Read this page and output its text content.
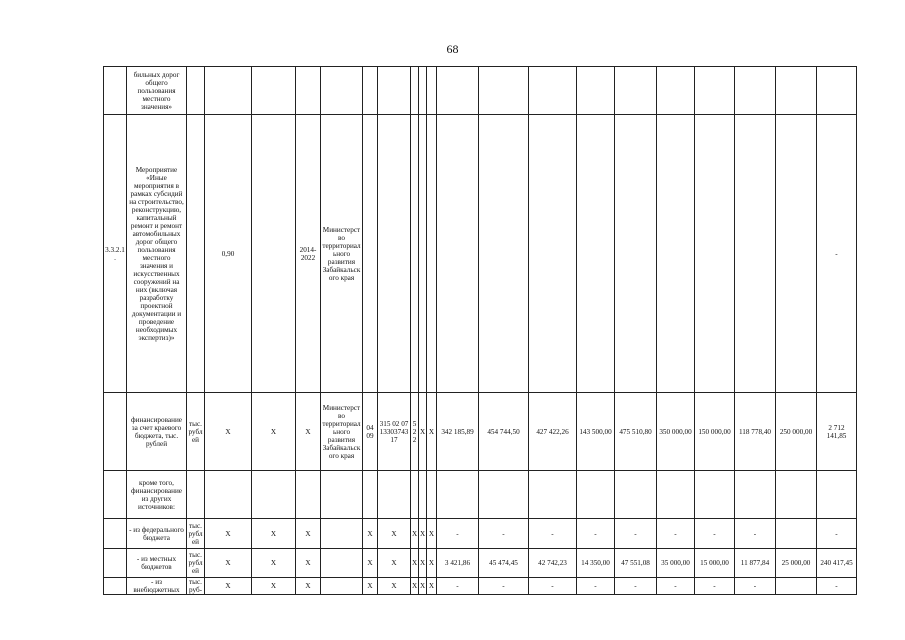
68
	бильных дорог общего пользования местного значения»																				
3.3.2.1.	Мероприятие «Иные мероприятия в рамках субсидий на строительство, реконструкцию, капитальный ремонт и ремонт автомобильных дорог общего пользования местного значения и искусственных сооружений на них (включая разработку проектной документации и проведение необходимых экспертиз)»		0,90		2014-2022	Министерство территориального развития Забайкальского края															-
	финансирование за счет краевого бюджета, тыс. рублей	тыс. рублей	Х	Х	Х	Министерство территориального развития Забайкальского края	04 09	315 02 07 13303743 17	5 2 2	Х	Х	342 185,89	454 744,50	427 422,26	143 500,00	475 510,80	350 000,00	150 000,00	118 778,40	250 000,00	2 712 141,85
	кроме того, финансирование из других источников:																				
	- из федерального бюджета	тыс. рублей	Х	Х	Х		Х	Х	Х	Х	Х	-	-	-	-	-	-	-	-		-
	- из местных бюджетов	тыс. рублей	Х	Х	Х		Х	Х	Х	Х	Х	3 421,86	45 474,45	42 742,23	14 350,00	47 551,08	35 000,00	15 000,00	11 877,84	25 000,00	240 417,45
	- из внебюджетных	тыс. руб-	Х	Х	Х		Х	Х	Х	Х	Х	-	-	-	-	-	-	-	-		-
